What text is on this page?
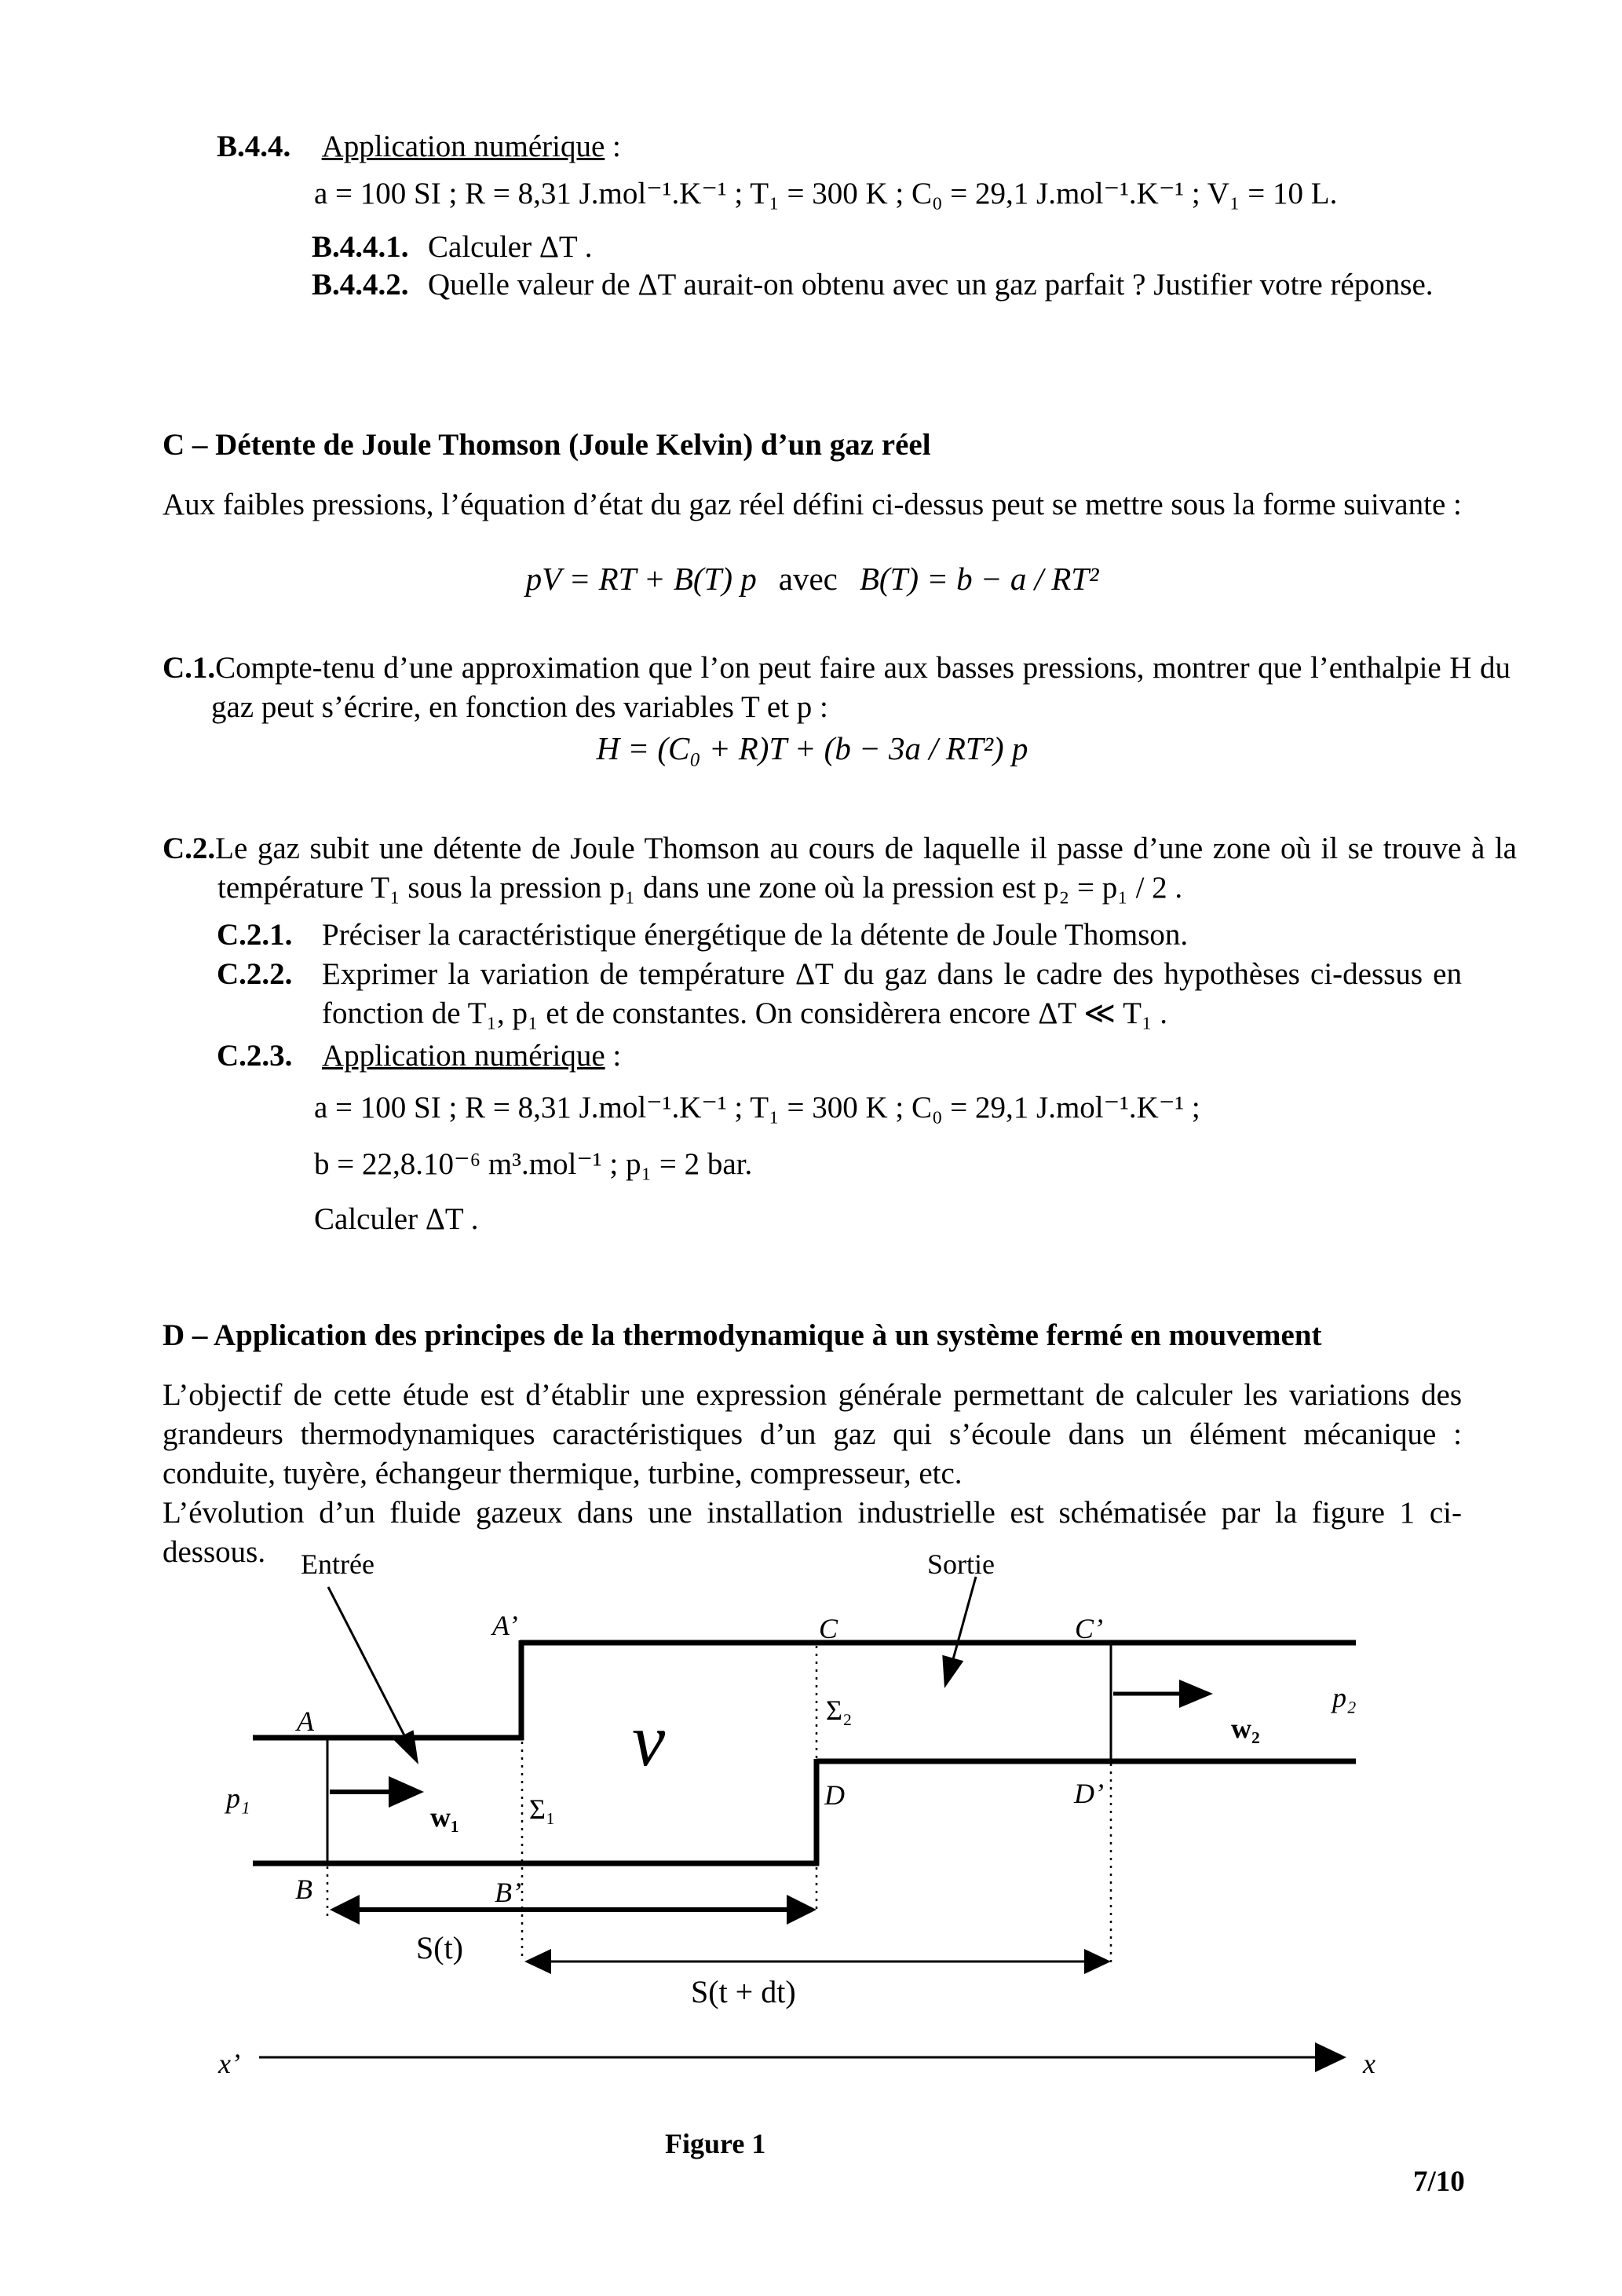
B.4.4. Application numérique :
a = 100 SI ; R = 8,31 J.mol⁻¹.K⁻¹ ; T₁ = 300 K ; C₀ = 29,1 J.mol⁻¹.K⁻¹ ; V₁ = 10 L.
B.4.4.1. Calculer ΔT .
B.4.4.2. Quelle valeur de ΔT aurait-on obtenu avec un gaz parfait ? Justifier votre réponse.
C – Détente de Joule Thomson (Joule Kelvin) d’un gaz réel
Aux faibles pressions, l’équation d’état du gaz réel défini ci-dessus peut se mettre sous la forme suivante :
pV = RT + B(T) p avec B(T) = b − a / RT²
C.1.Compte-tenu d’une approximation que l’on peut faire aux basses pressions, montrer que l’enthalpie H du gaz peut s’écrire, en fonction des variables T et p :
H = (C₀ + R)T + (b − 3a / RT²) p
C.2.Le gaz subit une détente de Joule Thomson au cours de laquelle il passe d’une zone où il se trouve à la température T₁ sous la pression p₁ dans une zone où la pression est p₂ = p₁ / 2 .
C.2.1. Préciser la caractéristique énergétique de la détente de Joule Thomson.
C.2.2. Exprimer la variation de température ΔT du gaz dans le cadre des hypothèses ci-dessus en fonction de T₁, p₁ et de constantes. On considèrera encore ΔT ≪ T₁ .
C.2.3. Application numérique :
a = 100 SI ; R = 8,31 J.mol⁻¹.K⁻¹ ; T₁ = 300 K ; C₀ = 29,1 J.mol⁻¹.K⁻¹ ;
b = 22,8.10⁻⁶ m³.mol⁻¹ ; p₁ = 2 bar.
Calculer ΔT .
D – Application des principes de la thermodynamique à un système fermé en mouvement
L’objectif de cette étude est d’établir une expression générale permettant de calculer les variations des grandeurs thermodynamiques caractéristiques d’un gaz qui s’écoule dans un élément mécanique : conduite, tuyère, échangeur thermique, turbine, compresseur, etc.
L’évolution d’un fluide gazeux dans une installation industrielle est schématisée par la figure 1 ci-dessous.	Entrée	Sortie
A’	C	C’
A
p₁
w₁ Σ₁
ν	Σ₂
D	D’
w₂
p₂
B	B’
S(t)
S(t + dt)
x’	x
Figure 1
7/10
